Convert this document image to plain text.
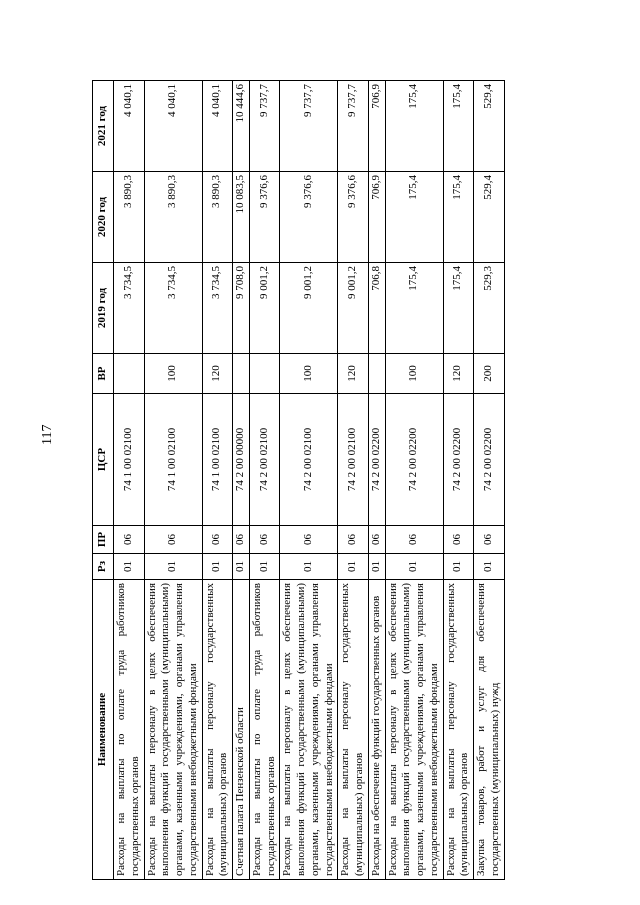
117
Наименование	Рз	ПР	ЦСР	ВР	2019 год	2020 год	2021 год
Расходы на выплаты по оплате труда работников государственных органов	01	06	74 1 00 02100		3 734,5	3 890,3	4 040,1
Расходы на выплаты персоналу в целях обеспечения выполнения функций государственными (муниципальными) органами, казенными учреждениями, органами управления государственными внебюджетными фондами	01	06	74 1 00 02100	100	3 734,5	3 890,3	4 040,1
Расходы на выплаты персоналу государственных (муниципальных) органов	01	06	74 1 00 02100	120	3 734,5	3 890,3	4 040,1
Счетная палата Пензенской области	01	06	74 2 00 00000		9 708,0	10 083,5	10 444,6
Расходы на выплаты по оплате труда работников государственных органов	01	06	74 2 00 02100		9 001,2	9 376,6	9 737,7
Расходы на выплаты персоналу в целях обеспечения выполнения функций государственными (муниципальными) органами, казенными учреждениями, органами управления государственными внебюджетными фондами	01	06	74 2 00 02100	100	9 001,2	9 376,6	9 737,7
Расходы на выплаты персоналу государственных (муниципальных) органов	01	06	74 2 00 02100	120	9 001,2	9 376,6	9 737,7
Расходы на обеспечение функций государственных органов	01	06	74 2 00 02200		706,8	706,9	706,9
Расходы на выплаты персоналу в целях обеспечения выполнения функций государственными (муниципальными) органами, казенными учреждениями, органами управления государственными внебюджетными фондами	01	06	74 2 00 02200	100	175,4	175,4	175,4
Расходы на выплаты персоналу государственных (муниципальных) органов	01	06	74 2 00 02200	120	175,4	175,4	175,4
Закупка товаров, работ и услуг для обеспечения государственных (муниципальных) нужд	01	06	74 2 00 02200	200	529,3	529,4	529,4
